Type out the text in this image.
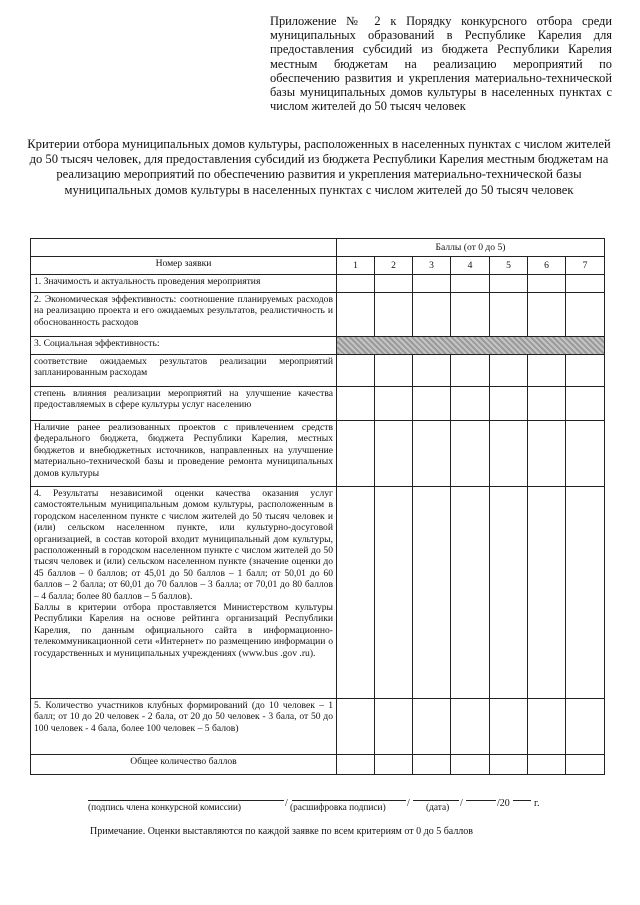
Приложение № 2 к Порядку конкурсного отбора среди муниципальных образований в Республике Карелия для предоставления субсидий из бюджета Республики Карелия местным бюджетам на реализацию мероприятий по обеспечению развития и укрепления материально-технической базы муниципальных домов культуры в населенных пунктах с числом жителей до 50 тысяч человек
Критерии отбора муниципальных домов культуры, расположенных в населенных пунктах с числом жителей до 50 тысяч человек, для предоставления субсидий из бюджета Республики Карелия местным бюджетам на реализацию мероприятий по обеспечению развития и укрепления материально-технической базы муниципальных домов культуры в населенных пунктах с числом жителей до 50 тысяч человек
	Баллы (от 0 до 5)						
Номер заявки	1	2	3	4	5	6	7
1. Значимость и актуальность проведения мероприятия							
2. Экономическая эффективность: соотношение планируемых расходов на реализацию проекта и его ожидаемых результатов, реалистичность и обоснованность расходов							
3. Социальная эффективность:							
соответствие ожидаемых результатов реализации мероприятий запланированным расходам							
степень влияния реализации мероприятий на улучшение качества предоставляемых в сфере культуры услуг населению							
Наличие ранее реализованных проектов с привлечением средств федерального бюджета, бюджета Республики Карелия, местных бюджетов и внебюджетных источников, направленных на улучшение материально-технической базы и проведение ремонта муниципальных домов культуры							

4. Результаты независимой оценки качества оказания услуг самостоятельным муниципальным домом культуры, расположенным в городском населенном пункте с числом жителей до 50 тысяч человек и (или) сельском населенном пункте, или культурно-досуговой организацией, в состав которой входит муниципальный дом культуры, расположенный в городском населенном пункте с числом жителей до 50 тысяч человек и (или) сельском населенном пункте (значение оценки до 45 баллов – 0 баллов; от 45,01 до 50 баллов – 1 балл; от 50,01 до 60 баллов – 2 балла; от 60,01 до 70 баллов – 3 балла; от 70,01 до 80 баллов – 4 балла; более 80 баллов – 5 баллов).
Баллы в критерии отбора проставляется Министерством культуры Республики Карелия на основе рейтинга организаций Республики Карелия, по данным официального сайта в информационно-телекоммуникационной сети «Интернет» по размещению информации о государственных и муниципальных учреждениях (www.bus .gov .ru).							

5. Количество участников клубных формирований (до 10 человек – 1 балл; от 10 до 20 человек - 2 бала, от 20 до 50 человек - 3 бала, от 50 до 100 человек - 4 бала, более 100 человек – 5 балов)							
Общее количество баллов							
/	/	/	/20 г.
(подпись члена конкурсной комиссии)	(расшифровка подписи)	(дата)
Примечание. Оценки выставляются по каждой заявке по всем критериям от 0 до 5 баллов
